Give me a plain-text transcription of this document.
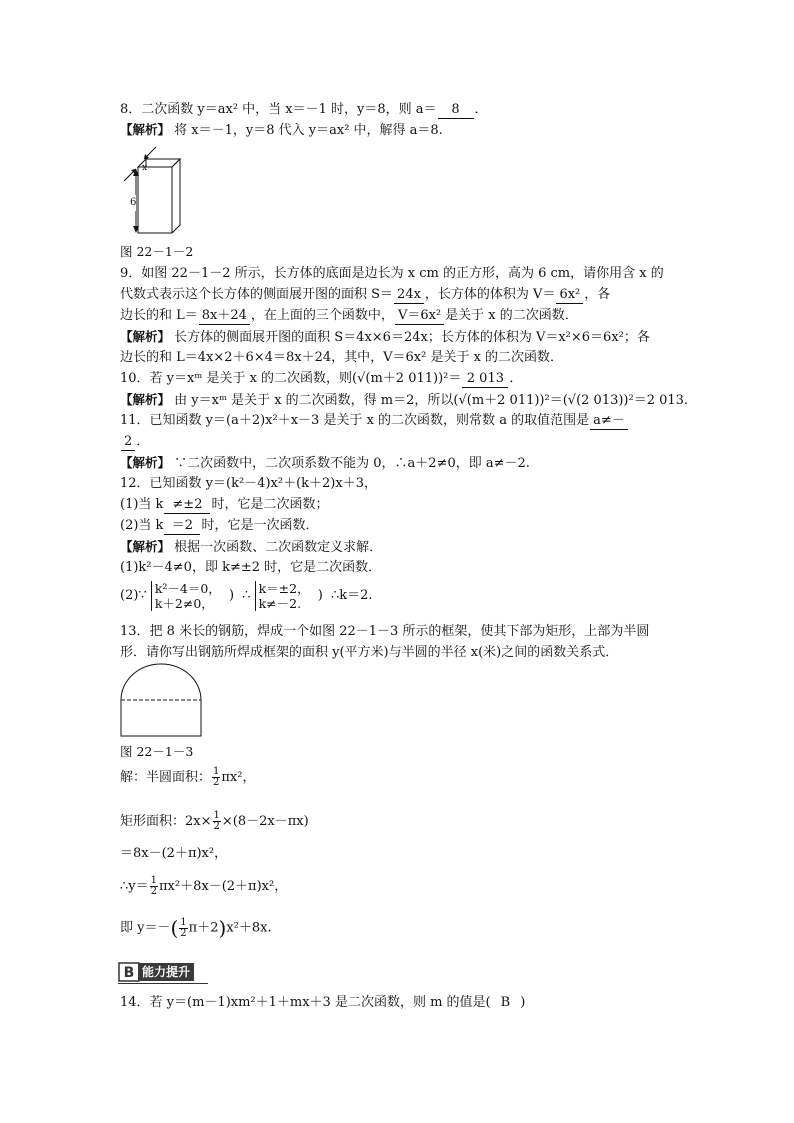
8．二次函数 y＝ax² 中，当 x＝－1 时，y＝8，则 a＝ 8 ．
【解析】 将 x＝－1，y＝8 代入 y＝ax² 中，解得 a＝8.
x
6
图 22－1－2
9．如图 22－1－2 所示，长方体的底面是边长为 x cm 的正方形，高为 6 cm，请你用含 x 的
代数式表示这个长方体的侧面展开图的面积 S＝ 24x ，长方体的体积为 V＝ 6x² ，各
边长的和 L＝ 8x＋24 ，在上面的三个函数中， V＝6x² 是关于 x 的二次函数．
【解析】 长方体的侧面展开图的面积 S＝4x×6＝24x；长方体的体积为 V＝x²×6＝6x²；各
边长的和 L＝4x×2＋6×4＝8x＋24，其中，V＝6x² 是关于 x 的二次函数．
10．若 y＝xᵐ 是关于 x 的二次函数，则(√(m＋2 011))²＝ 2 013 ．
【解析】 由 y＝xᵐ 是关于 x 的二次函数，得 m＝2，所以(√(m＋2 011))²＝(√(2 013))²＝2 013.
11．已知函数 y＝(a＋2)x²＋x－3 是关于 x 的二次函数，则常数 a 的取值范围是 a≠－
2 ．
【解析】 ∵二次函数中，二次项系数不能为 0，∴a＋2≠0，即 a≠－2.
12．已知函数 y＝(k²－4)x²＋(k＋2)x＋3，
(1)当 k ≠±2 时，它是二次函数；
(2)当 k ＝2 时，它是一次函数．
【解析】 根据一次函数、二次函数定义求解．
(1)k²－4≠0，即 k≠±2 时，它是二次函数．
(2)∵ k²－4＝0，
k＋2≠0，	) ∴ k＝±2，
k≠－2.	) ∴k＝2.
13．把 8 米长的钢筋，焊成一个如图 22－1－3 所示的框架，使其下部为矩形，上部为半圆
形．请你写出钢筋所焊成框架的面积 y(平方米)与半圆的半径 x(米)之间的函数关系式．
图 22－1－3
解：半圆面积： $\frac{1}{2} \pi x^2$，
矩形面积：$2x\times \frac{1}{2} \times(8-2x-\pi x)$
＝8x－(2＋π)x²，
∴y＝ $\frac{1}{2} \pi x^2+8x-(2+\pi)x^2$，
即 $y=-( \frac{1}{2} \pi+2)x^2+8x$.
B 能力提升
14．若 y＝(m－1)xm²＋1＋mx＋3 是二次函数，则 m 的值是( B )
